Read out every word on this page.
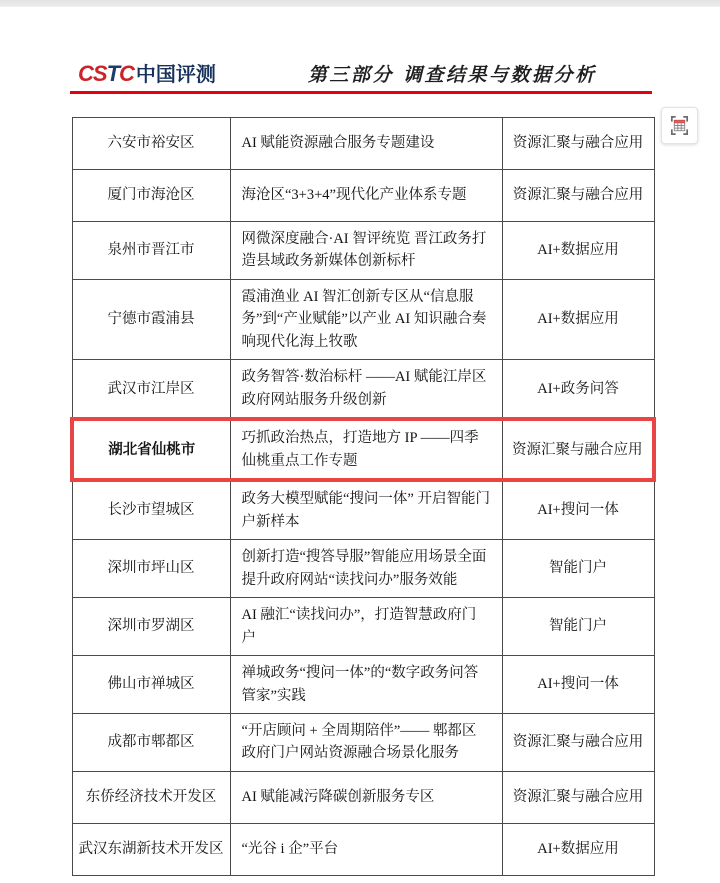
CSTC 中国评测	第三部分 调查结果与数据分析
六安市裕安区	AI 赋能资源融合服务专题建设	资源汇聚与融合应用
厦门市海沧区	海沧区“3+3+4”现代化产业体系专题	资源汇聚与融合应用
泉州市晋江市	网微深度融合·AI 智评统览 晋江政务打造县域政务新媒体创新标杆	AI+数据应用
宁德市霞浦县	霞浦渔业 AI 智汇创新专区从“信息服务”到“产业赋能”以产业 AI 知识融合奏响现代化海上牧歌	AI+数据应用
武汉市江岸区	政务智答·数治标杆 ——AI 赋能江岸区政府网站服务升级创新	AI+政务问答
湖北省仙桃市	巧抓政治热点，打造地方 IP ——四季仙桃重点工作专题	资源汇聚与融合应用
长沙市望城区	政务大模型赋能“搜问一体” 开启智能门户新样本	AI+搜问一体
深圳市坪山区	创新打造“搜答导服”智能应用场景全面提升政府网站“读找问办”服务效能	智能门户
深圳市罗湖区	AI 融汇“读找问办”，打造智慧政府门户	智能门户
佛山市禅城区	禅城政务“搜问一体”的“数字政务问答管家”实践	AI+搜问一体
成都市郫都区	“开店顾问 + 全周期陪伴”—— 郫都区政府门户网站资源融合场景化服务	资源汇聚与融合应用
东侨经济技术开发区	AI 赋能减污降碳创新服务专区	资源汇聚与融合应用
武汉东湖新技术开发区	“光谷 i 企”平台	AI+数据应用
